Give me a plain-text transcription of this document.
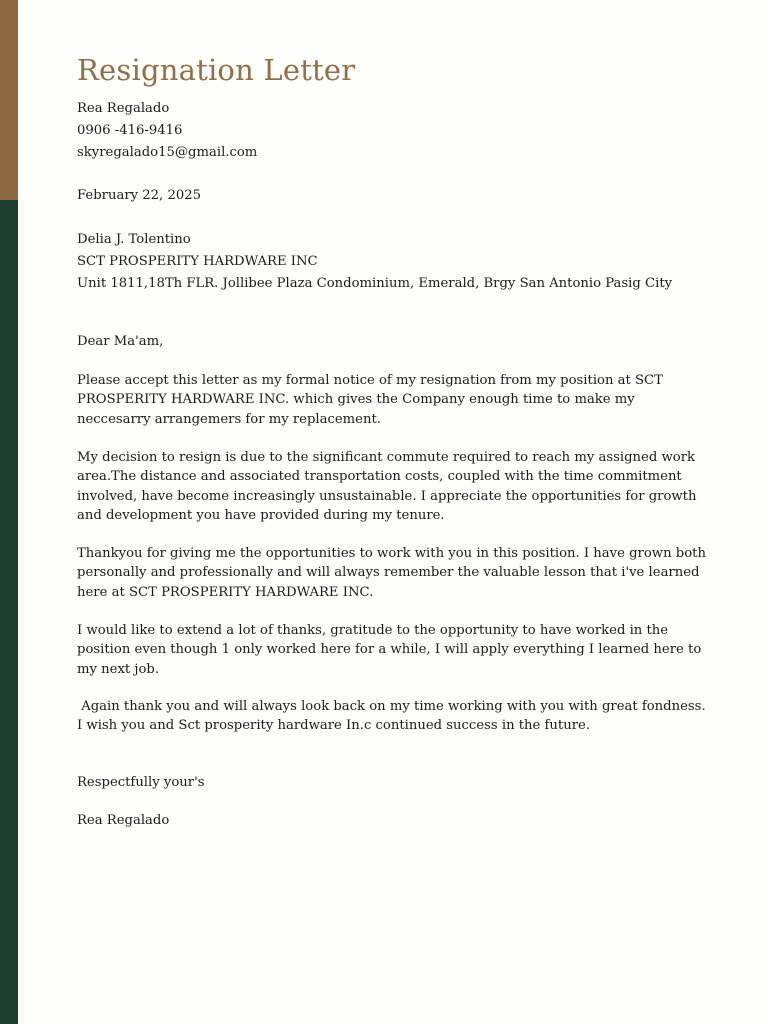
Resignation Letter
Rea Regalado
0906 -416-9416
skyregalado15@gmail.com
February 22, 2025
Delia J. Tolentino
SCT PROSPERITY HARDWARE INC
Unit 1811,18Th FLR. Jollibee Plaza Condominium, Emerald, Brgy San Antonio Pasig City
Dear Ma'am,
Please accept this letter as my formal notice of my resignation from my position at SCT
PROSPERITY HARDWARE INC. which gives the Company enough time to make my
neccesarry arrangemers for my replacement.
My decision to resign is due to the significant commute required to reach my assigned work
area.The distance and associated transportation costs, coupled with the time commitment
involved, have become increasingly unsustainable. I appreciate the opportunities for growth
and development you have provided during my tenure.
Thankyou for giving me the opportunities to work with you in this position. I have grown both
personally and professionally and will always remember the valuable lesson that i've learned
here at SCT PROSPERITY HARDWARE INC.
I would like to extend a lot of thanks, gratitude to the opportunity to have worked in the
position even though 1 only worked here for a while, I will apply everything I learned here to
my next job.
Again thank you and will always look back on my time working with you with great fondness.
I wish you and Sct prosperity hardware In.c continued success in the future.
Respectfully your's
Rea Regalado
